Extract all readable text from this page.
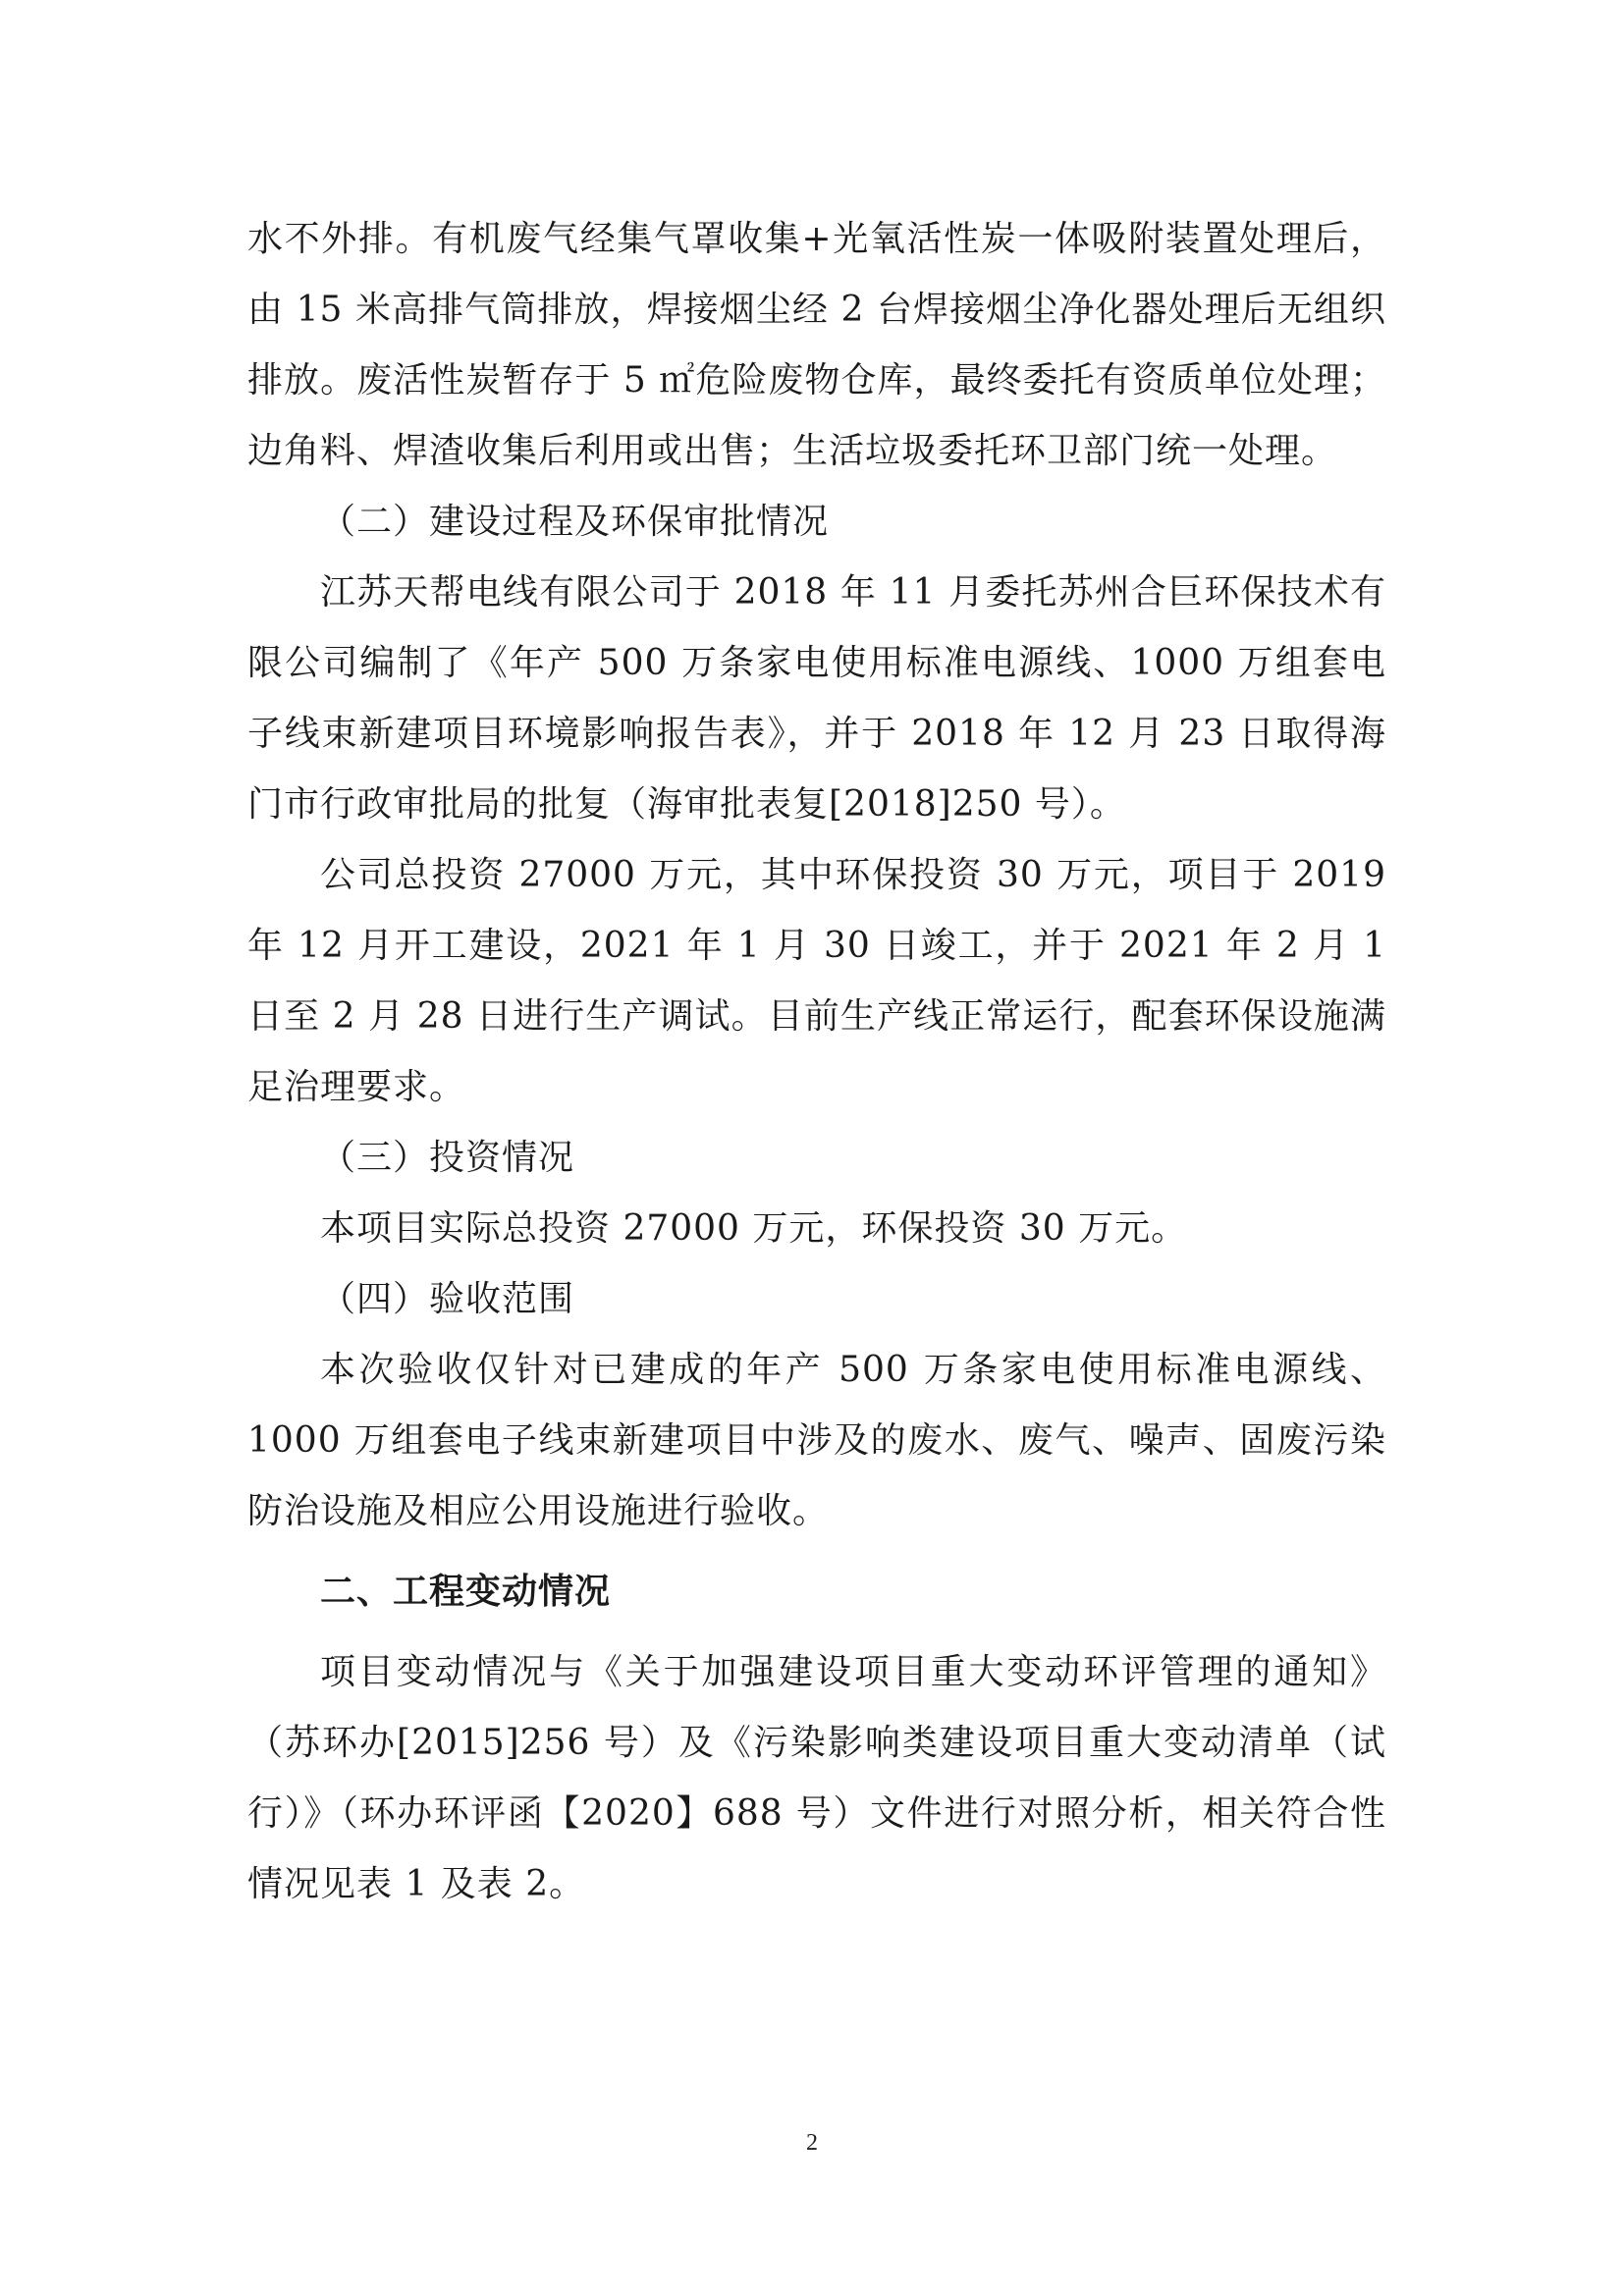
水不外排。有机废气经集气罩收集+光氧活性炭一体吸附装置处理后，由 15 米高排气筒排放，焊接烟尘经 2 台焊接烟尘净化器处理后无组织排放。废活性炭暂存于 5 ㎡危险废物仓库，最终委托有资质单位处理；边角料、焊渣收集后利用或出售；生活垃圾委托环卫部门统一处理。

（二）建设过程及环保审批情况

江苏天帮电线有限公司于 2018 年 11 月委托苏州合巨环保技术有限公司编制了《年产 500 万条家电使用标准电源线、1000 万组套电子线束新建项目环境影响报告表》，并于 2018 年 12 月 23 日取得海门市行政审批局的批复（海审批表复[2018]250 号）。

公司总投资 27000 万元，其中环保投资 30 万元，项目于 2019 年 12 月开工建设，2021 年 1 月 30 日竣工，并于 2021 年 2 月 1 日至 2 月 28 日进行生产调试。目前生产线正常运行，配套环保设施满足治理要求。

（三）投资情况

本项目实际总投资 27000 万元，环保投资 30 万元。

（四）验收范围

本次验收仅针对已建成的年产 500 万条家电使用标准电源线、1000 万组套电子线束新建项目中涉及的废水、废气、噪声、固废污染防治设施及相应公用设施进行验收。

二、工程变动情况

项目变动情况与《关于加强建设项目重大变动环评管理的通知》（苏环办[2015]256 号）及《污染影响类建设项目重大变动清单（试行）》（环办环评函【2020】688 号）文件进行对照分析，相关符合性情况见表 1 及表 2。

2
